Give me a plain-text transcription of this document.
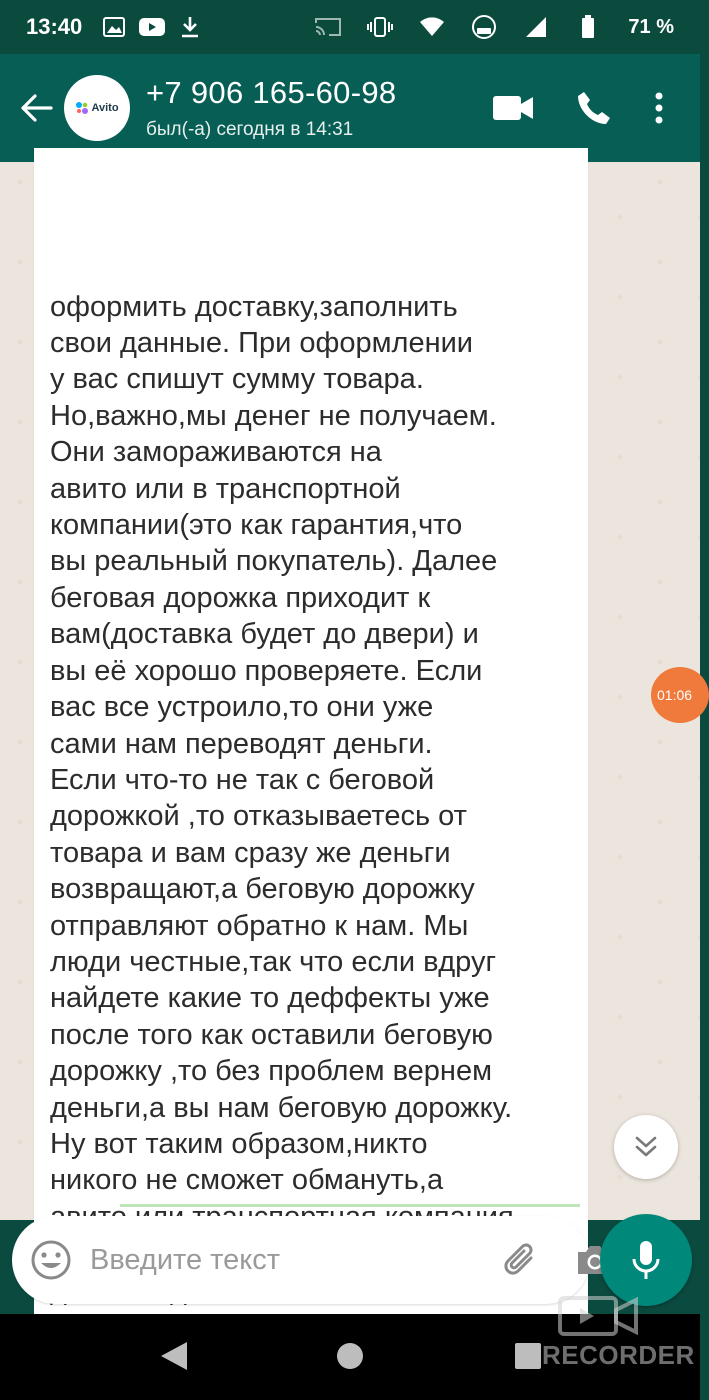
13:40	71 %
Avito +7 906 165-60-98
был(-а) сегодня в 14:31
оформить доставку,заполнить
свои данные. При оформлении
у вас спишут сумму товара.
Но,важно,мы денег не получаем.
Они замораживаются на
авито или в транспортной
компании(это как гарантия,что
вы реальный покупатель). Далее
беговая дорожка приходит к
вам(доставка будет до двери) и
вы её хорошо проверяете. Если
вас все устроило,то они уже
сами нам переводят деньги.
Если что-то не так с беговой
дорожкой ,то отказываетесь от
товара и вам сразу же деньги
возвращают,а беговую дорожку
отправляют обратно к нам. Мы
люди честные,так что если вдруг
найдете какие то деффекты уже
после того как оставили беговую
дорожку ,то без проблем вернем
деньги,а вы нам беговую дорожку.
Ну вот таким образом,никто
никого не сможет обмануть,а

01:06
Введите текст
RECORDER
